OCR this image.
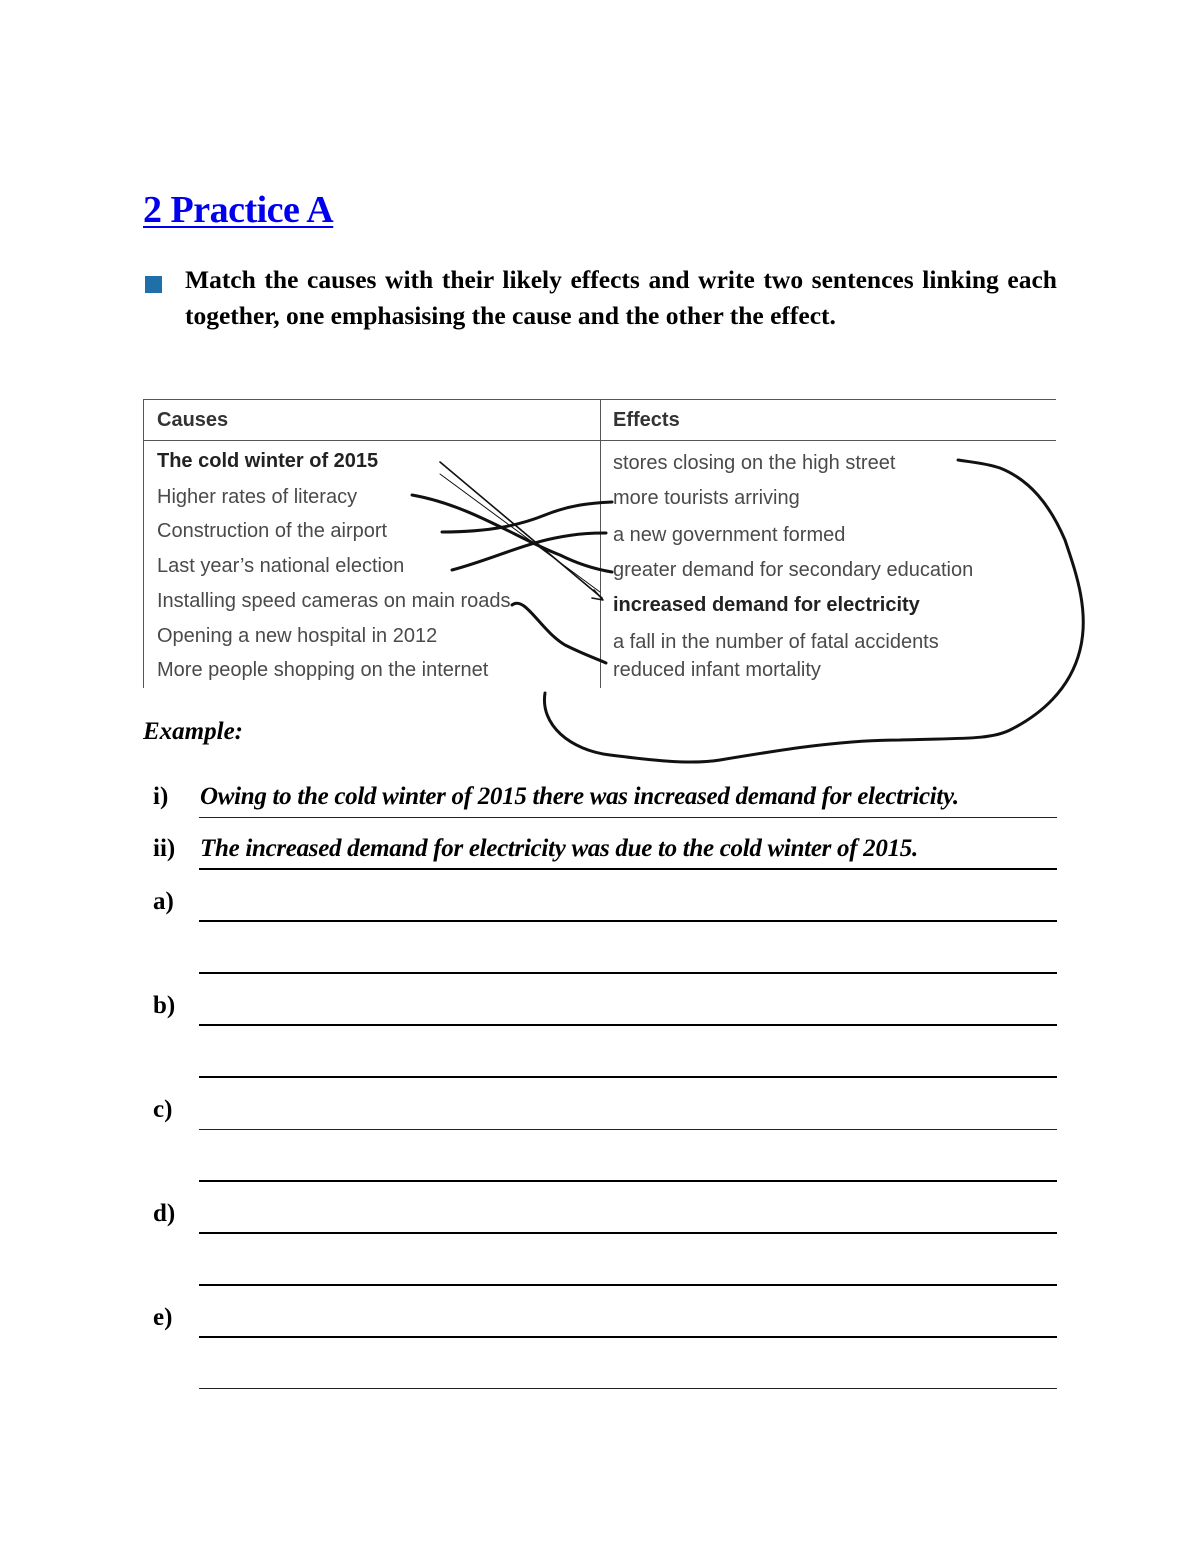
2 Practice A
Match the causes with their likely effects and write two sentences linking each together, one emphasising the cause and the other the effect.
Causes	Effects
The cold winter of 2015
Higher rates of literacy
Construction of the airport
Last year’s national election
Installing speed cameras on main roads
Opening a new hospital in 2012
More people shopping on the internet
stores closing on the high street
more tourists arriving
a new government formed
greater demand for secondary education
increased demand for electricity
a fall in the number of fatal accidents
reduced infant mortality
Example:
i) Owing to the cold winter of 2015 there was increased demand for electricity.
ii) The increased demand for electricity was due to the cold winter of 2015.
a)
b)
c)
d)
e)
